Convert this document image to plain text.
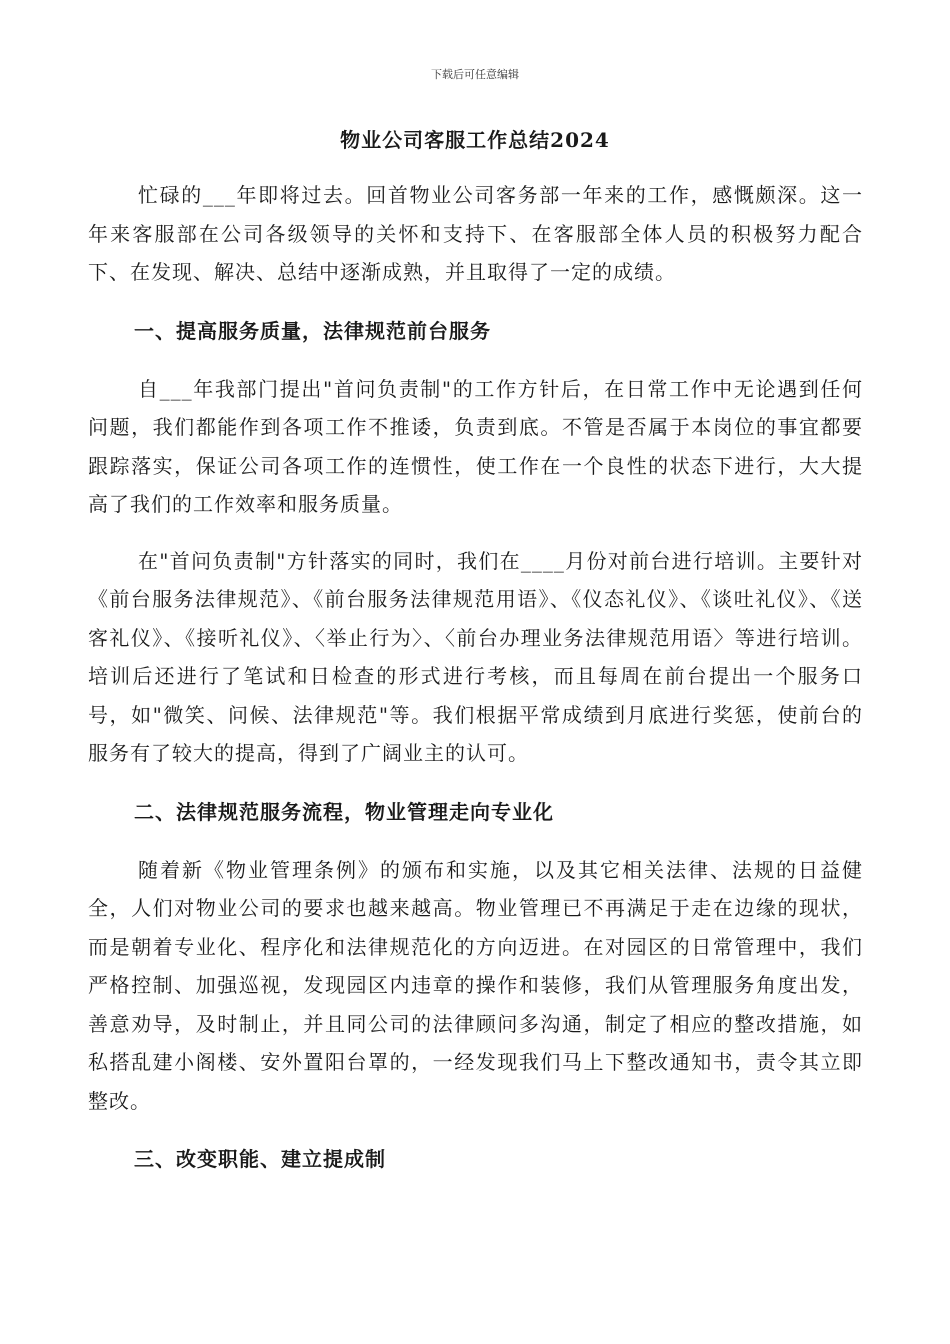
下载后可任意编辑
物业公司客服工作总结2024

忙碌的___年即将过去。回首物业公司客务部一年来的工作，感慨颇深。这一年来客服部在公司各级领导的关怀和支持下、在客服部全体人员的积极努力配合下、在发现、解决、总结中逐渐成熟，并且取得了一定的成绩。

一、提高服务质量，法律规范前台服务

自___年我部门提出"首问负责制"的工作方针后，在日常工作中无论遇到任何问题，我们都能作到各项工作不推诿，负责到底。不管是否属于本岗位的事宜都要跟踪落实，保证公司各项工作的连惯性，使工作在一个良性的状态下进行，大大提高了我们的工作效率和服务质量。

在"首问负责制"方针落实的同时，我们在____月份对前台进行培训。主要针对《前台服务法律规范》、《前台服务法律规范用语》、《仪态礼仪》、《谈吐礼仪》、《送客礼仪》、《接听礼仪》、〈举止行为〉、〈前台办理业务法律规范用语〉等进行培训。培训后还进行了笔试和日检查的形式进行考核，而且每周在前台提出一个服务口号，如"微笑、问候、法律规范"等。我们根据平常成绩到月底进行奖惩，使前台的服务有了较大的提高，得到了广阔业主的认可。

二、法律规范服务流程，物业管理走向专业化

随着新《物业管理条例》的颁布和实施，以及其它相关法律、法规的日益健全，人们对物业公司的要求也越来越高。物业管理已不再满足于走在边缘的现状，而是朝着专业化、程序化和法律规范化的方向迈进。在对园区的日常管理中，我们严格控制、加强巡视，发现园区内违章的操作和装修，我们从管理服务角度出发，善意劝导，及时制止，并且同公司的法律顾问多沟通，制定了相应的整改措施，如私搭乱建小阁楼、安外置阳台罩的，一经发现我们马上下整改通知书，责令其立即整改。

三、改变职能、建立提成制
